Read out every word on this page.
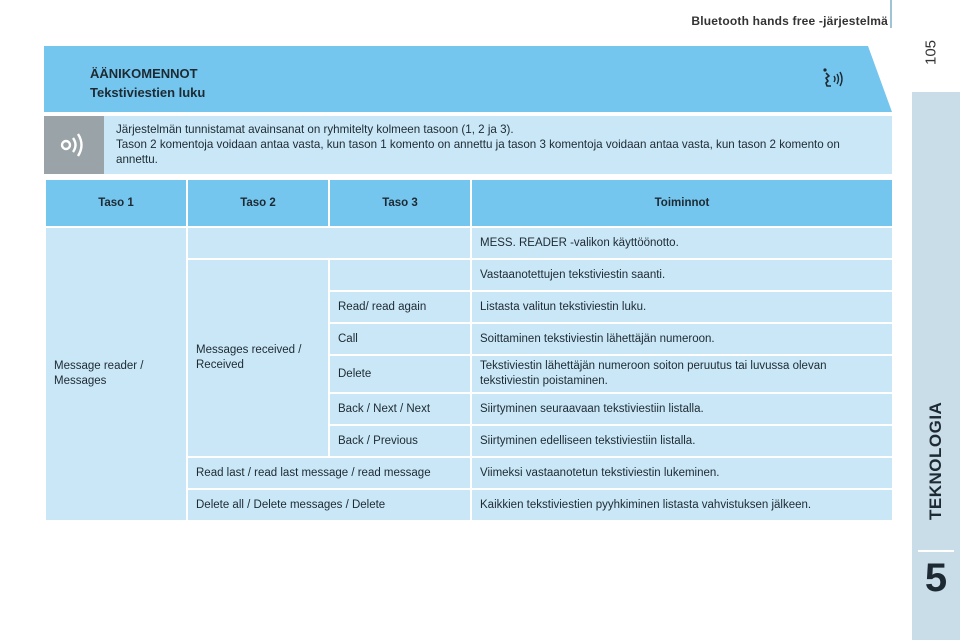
Bluetooth hands free -järjestelmä
105
TEKNOLOGIA
5
ÄÄNIKOMENNOT
Tekstiviestien luku
Järjestelmän tunnistamat avainsanat on ryhmitelty kolmeen tasoon (1, 2 ja 3).
Tason 2 komentoja voidaan antaa vasta, kun tason 1 komento on annettu ja tason 3 komentoja voidaan antaa vasta, kun tason 2 komento on annettu.
Taso 1	Taso 2	Taso 3	Toiminnot
Message reader / Messages			MESS. READER -valikon käyttöönotto.
	Messages received / Received		Vastaanotettujen tekstiviestin saanti.
		Read/ read again	Listasta valitun tekstiviestin luku.
		Call	Soittaminen tekstiviestin lähettäjän numeroon.
		Delete	Tekstiviestin lähettäjän numeroon soiton peruutus tai luvussa olevan tekstiviestin poistaminen.
		Back / Next / Next	Siirtyminen seuraavaan tekstiviestiin listalla.
		Back / Previous	Siirtyminen edelliseen tekstiviestiin listalla.
	Read last / read last message / read message		Viimeksi vastaanotetun tekstiviestin lukeminen.
	Delete all / Delete messages / Delete		Kaikkien tekstiviestien pyyhkiminen listasta vahvistuksen jälkeen.
